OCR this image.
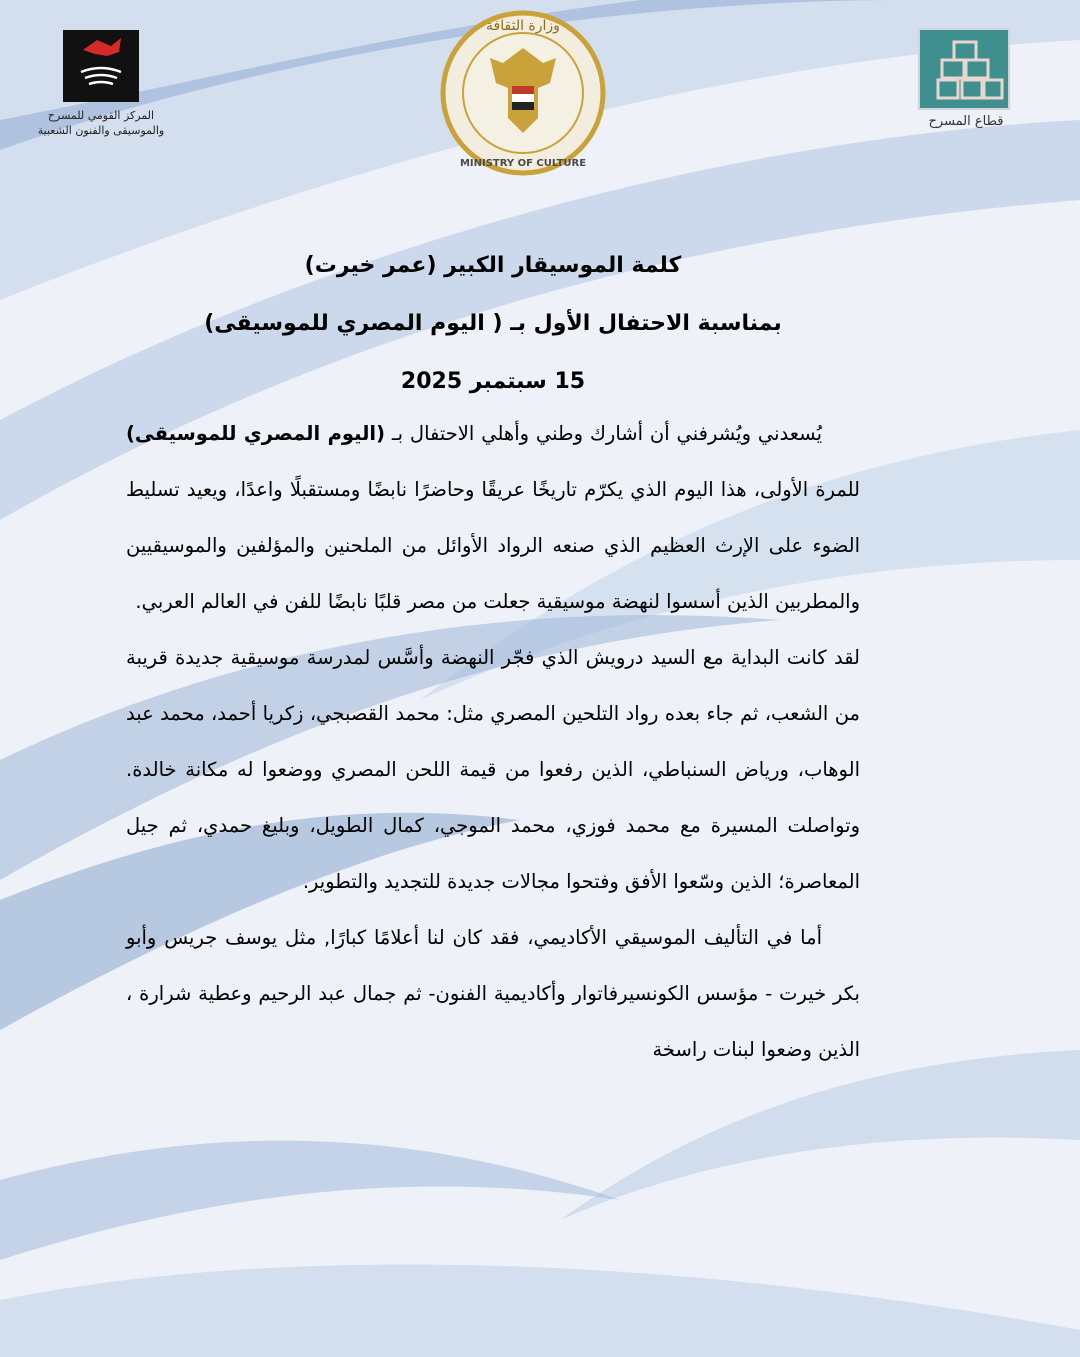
قطاع المسرح
وزارة الثقافة
MINISTRY OF CULTURE
المركز القومي للمسرح
والموسيقى والفنون الشعبية

كلمة الموسيقار الكبير (عمر خيرت)

بمناسبة الاحتفال الأول بـ ( اليوم المصري للموسيقى)

15 سبتمبر 2025

يُسعدني ويُشرفني أن أشارك وطني وأهلي الاحتفال بـ (اليوم المصري للموسيقى) للمرة الأولى، هذا اليوم الذي يكرّم تاريخًا عريقًا وحاضرًا نابضًا ومستقبلًا واعدًا، ويعيد تسليط الضوء على الإرث العظيم الذي صنعه الرواد الأوائل من الملحنين والمؤلفين والموسيقيين والمطربين الذين أسسوا لنهضة موسيقية جعلت من مصر قلبًا نابضًا للفن في العالم العربي.

لقد كانت البداية مع السيد درويش الذي فجّر النهضة وأسَّس لمدرسة موسيقية جديدة قريبة من الشعب، ثم جاء بعده رواد التلحين المصري مثل: محمد القصبجي، زكريا أحمد، محمد عبد الوهاب، ورياض السنباطي، الذين رفعوا من قيمة اللحن المصري ووضعوا له مكانة خالدة. وتواصلت المسيرة مع محمد فوزي، محمد الموجي، كمال الطويل، وبليغ حمدي، ثم جيل المعاصرة؛ الذين وسّعوا الأفق وفتحوا مجالات جديدة للتجديد والتطوير.

أما في التأليف الموسيقي الأكاديمي، فقد كان لنا أعلامًا كبارًا, مثل يوسف جريس وأبو بكر خيرت - مؤسس الكونسيرفاتوار وأكاديمية الفنون- ثم جمال عبد الرحيم وعطية شرارة ، الذين وضعوا لبنات راسخة
